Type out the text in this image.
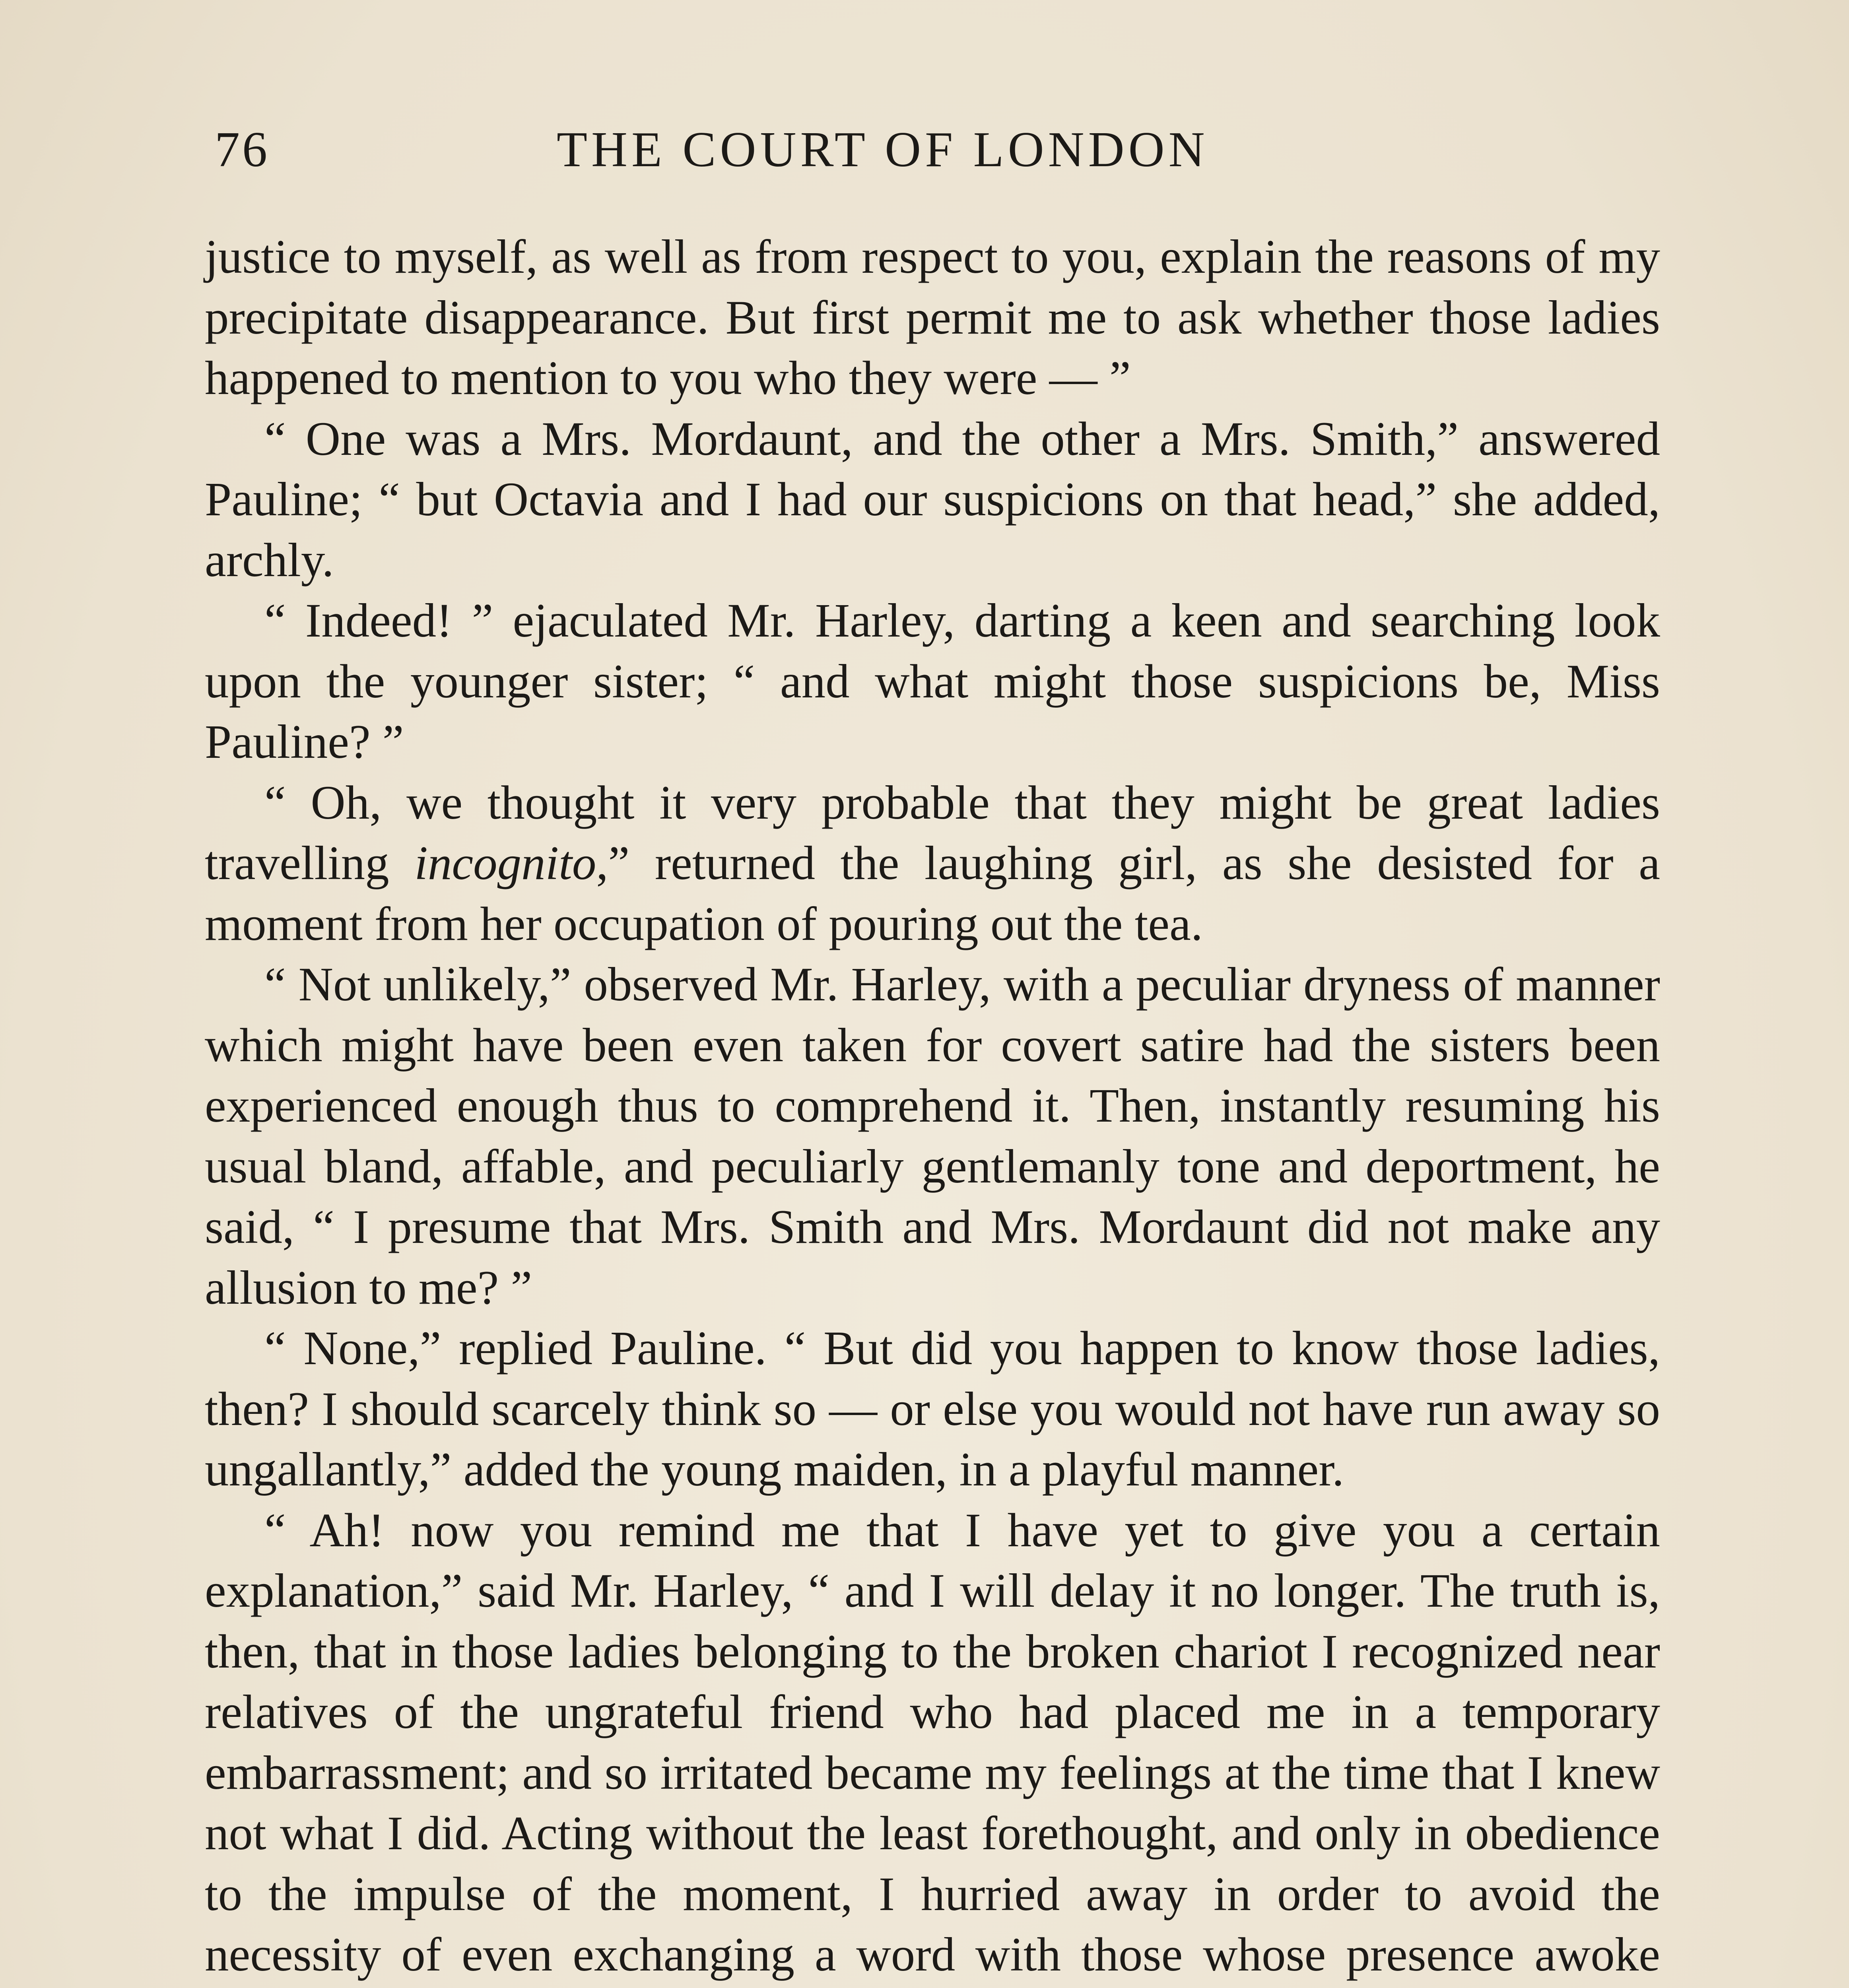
76	THE COURT OF LONDON

justice to myself, as well as from respect to you, explain the reasons of my precipitate disappearance. But first permit me to ask whether those ladies happened to mention to you who they were — ”

“ One was a Mrs. Mordaunt, and the other a Mrs. Smith,” answered Pauline; “ but Octavia and I had our suspicions on that head,” she added, archly.

“ Indeed! ” ejaculated Mr. Harley, darting a keen and searching look upon the younger sister; “ and what might those suspicions be, Miss Pauline? ”

“ Oh, we thought it very probable that they might be great ladies travelling incognito,” returned the laughing girl, as she desisted for a moment from her occupation of pouring out the tea.

“ Not unlikely,” observed Mr. Harley, with a peculiar dryness of manner which might have been even taken for covert satire had the sisters been experienced enough thus to comprehend it. Then, instantly resuming his usual bland, affable, and peculiarly gentlemanly tone and deportment, he said, “ I presume that Mrs. Smith and Mrs. Mordaunt did not make any allusion to me? ”

“ None,” replied Pauline. “ But did you happen to know those ladies, then? I should scarcely think so — or else you would not have run away so ungallantly,” added the young maiden, in a playful manner.

“ Ah! now you remind me that I have yet to give you a certain explanation,” said Mr. Harley, “ and I will delay it no longer. The truth is, then, that in those ladies belonging to the broken chariot I recognized near relatives of the ungrateful friend who had placed me in a temporary embarrassment; and so irritated became my feelings at the time that I knew not what I did. Acting without the least forethought, and only in obedience to the impulse of the moment, I hurried away in order to avoid the necessity of even exchanging a word with those whose presence awoke
